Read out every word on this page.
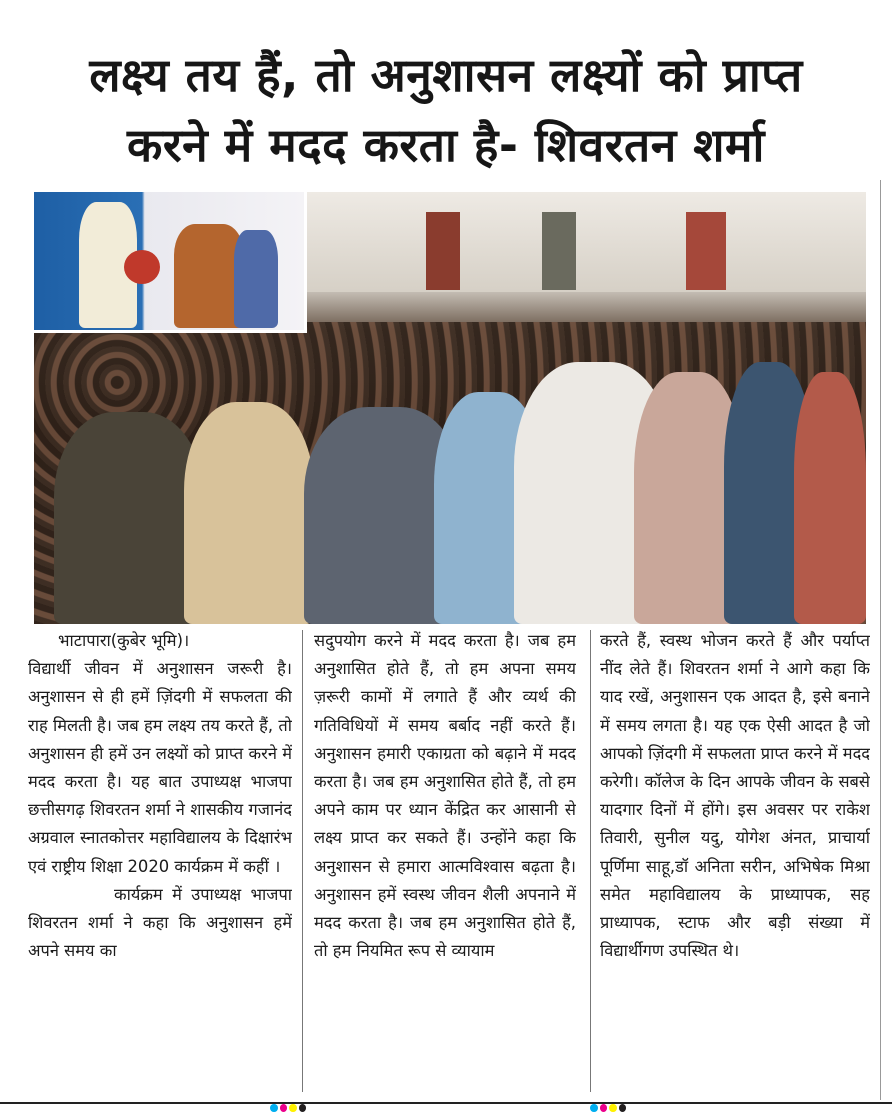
लक्ष्य तय हैं, तो अनुशासन लक्ष्यों को प्राप्त
करने में मदद करता है- शिवरतन शर्मा

भाटापारा(कुबेर भूमि)।

विद्यार्थी जीवन में अनुशासन जरूरी है। अनुशासन से ही हमें ज़िंदगी में सफलता की राह मिलती है। जब हम लक्ष्य तय करते हैं, तो अनुशासन ही हमें उन लक्ष्यों को प्राप्त करने में मदद करता है। यह बात उपाध्यक्ष भाजपा छत्तीसगढ़ शिवरतन शर्मा ने शासकीय गजानंद अग्रवाल स्नातकोत्तर महाविद्यालय के दिक्षारंभ एवं राष्ट्रीय शिक्षा 2020 कार्यक्रम में कहीं ।

कार्यक्रम में उपाध्यक्ष भाजपा शिवरतन शर्मा ने कहा कि अनुशासन हमें अपने समय का

सदुपयोग करने में मदद करता है। जब हम अनुशासित होते हैं, तो हम अपना समय ज़रूरी कामों में लगाते हैं और व्यर्थ की गतिविधियों में समय बर्बाद नहीं करते हैं। अनुशासन हमारी एकाग्रता को बढ़ाने में मदद करता है। जब हम अनुशासित होते हैं, तो हम अपने काम पर ध्यान केंद्रित कर आसानी से लक्ष्य प्राप्त कर सकते हैं। उन्होंने कहा कि अनुशासन से हमारा आत्मविश्वास बढ़ता है। अनुशासन हमें स्वस्थ जीवन शैली अपनाने में मदद करता है। जब हम अनुशासित होते हैं, तो हम नियमित रूप से व्यायाम

करते हैं, स्वस्थ भोजन करते हैं और पर्याप्त नींद लेते हैं। शिवरतन शर्मा ने आगे कहा कि याद रखें, अनुशासन एक आदत है, इसे बनाने में समय लगता है। यह एक ऐसी आदत है जो आपको ज़िंदगी में सफलता प्राप्त करने में मदद करेगी। कॉलेज के दिन आपके जीवन के सबसे यादगार दिनों में होंगे। इस अवसर पर राकेश तिवारी, सुनील यदु, योगेश अंनत, प्राचार्या पूर्णिमा साहू,डॉ अनिता सरीन, अभिषेक मिश्रा समेत महाविद्यालय के प्राध्यापक, सह प्राध्यापक, स्टाफ और बड़ी संख्या में विद्यार्थीगण उपस्थित थे।
